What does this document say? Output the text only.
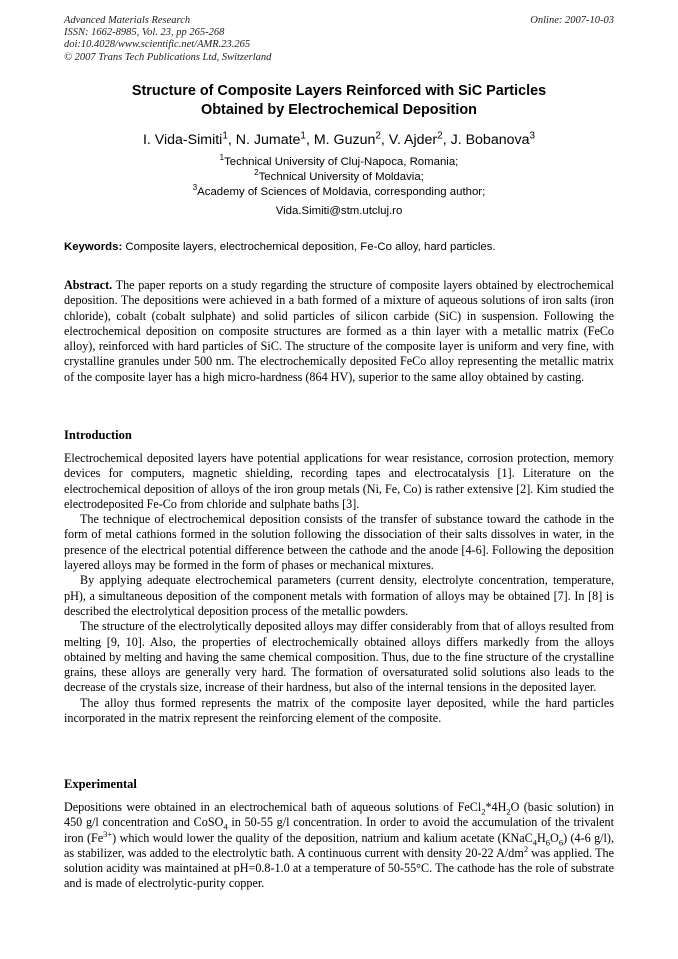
Advanced Materials Research
ISSN: 1662-8985, Vol. 23, pp 265-268
doi:10.4028/www.scientific.net/AMR.23.265
© 2007 Trans Tech Publications Ltd, Switzerland
Online: 2007-10-03
Structure of Composite Layers Reinforced with SiC Particles
Obtained by Electrochemical Deposition
I. Vida-Simiti$^1$, N. Jumate$^1$, M. Guzun$^2$, V. Ajder$^2$, J. Bobanova$^3$
$^1$Technical University of Cluj-Napoca, Romania;
$^2$Technical University of Moldavia;
$^3$Academy of Sciences of Moldavia, corresponding author;
Vida.Simiti@stm.utcluj.ro
Keywords: Composite layers, electrochemical deposition, Fe-Co alloy, hard particles.

Abstract. The paper reports on a study regarding the structure of composite layers obtained by electrochemical deposition. The depositions were achieved in a bath formed of a mixture of aqueous solutions of iron salts (iron chloride), cobalt (cobalt sulphate) and solid particles of silicon carbide (SiC) in suspension. Following the electrochemical deposition on composite structures are formed as a thin layer with a metallic matrix (FeCo alloy), reinforced with hard particles of SiC. The structure of the composite layer is uniform and very fine, with crystalline granules under 500 nm. The electrochemically deposited FeCo alloy representing the metallic matrix of the composite layer has a high micro-hardness (864 HV), superior to the same alloy obtained by casting.

Introduction

Electrochemical deposited layers have potential applications for wear resistance, corrosion protection, memory devices for computers, magnetic shielding, recording tapes and electrocatalysis [1]. Literature on the electrochemical deposition of alloys of the iron group metals (Ni, Fe, Co) is rather extensive [2]. Kim studied the electrodeposited Fe-Co from chloride and sulphate baths [3].

The technique of electrochemical deposition consists of the transfer of substance toward the cathode in the form of metal cathions formed in the solution following the dissociation of their salts dissolves in water, in the presence of the electrical potential difference between the cathode and the anode [4-6]. Following the deposition layered alloys may be formed in the form of phases or mechanical mixtures.

By applying adequate electrochemical parameters (current density, electrolyte concentration, temperature, pH), a simultaneous deposition of the component metals with formation of alloys may be obtained [7]. In [8] is described the electrolytical deposition process of the metallic powders.

The structure of the electrolytically deposited alloys may differ considerably from that of alloys resulted from melting [9, 10]. Also, the properties of electrochemically obtained alloys differs markedly from the alloys obtained by melting and having the same chemical composition. Thus, due to the fine structure of the crystalline grains, these alloys are generally very hard. The formation of oversaturated solid solutions also leads to the decrease of the crystals size, increase of their hardness, but also of the internal tensions in the deposited layer.

The alloy thus formed represents the matrix of the composite layer deposited, while the hard particles incorporated in the matrix represent the reinforcing element of the composite.

Experimental

Depositions were obtained in an electrochemical bath of aqueous solutions of $FeCl_2*4H_2O$ (basic solution) in 450 g/l concentration and CoSO$_4$ in 50-55 g/l concentration. In order to avoid the accumulation of the trivalent iron $(Fe^{3+})$ which would lower the quality of the deposition, natrium and kalium acetate $(KNaC_4H_6O_6)$ (4-6 g/l), as stabilizer, was added to the electrolytic bath. A continuous current with density 20-22 $A/dm^2$ was applied. The solution acidity was maintained at pH=0.8-1.0 at a temperature of 50-55°C. The cathode has the role of substrate and is made of electrolytic-purity copper.
